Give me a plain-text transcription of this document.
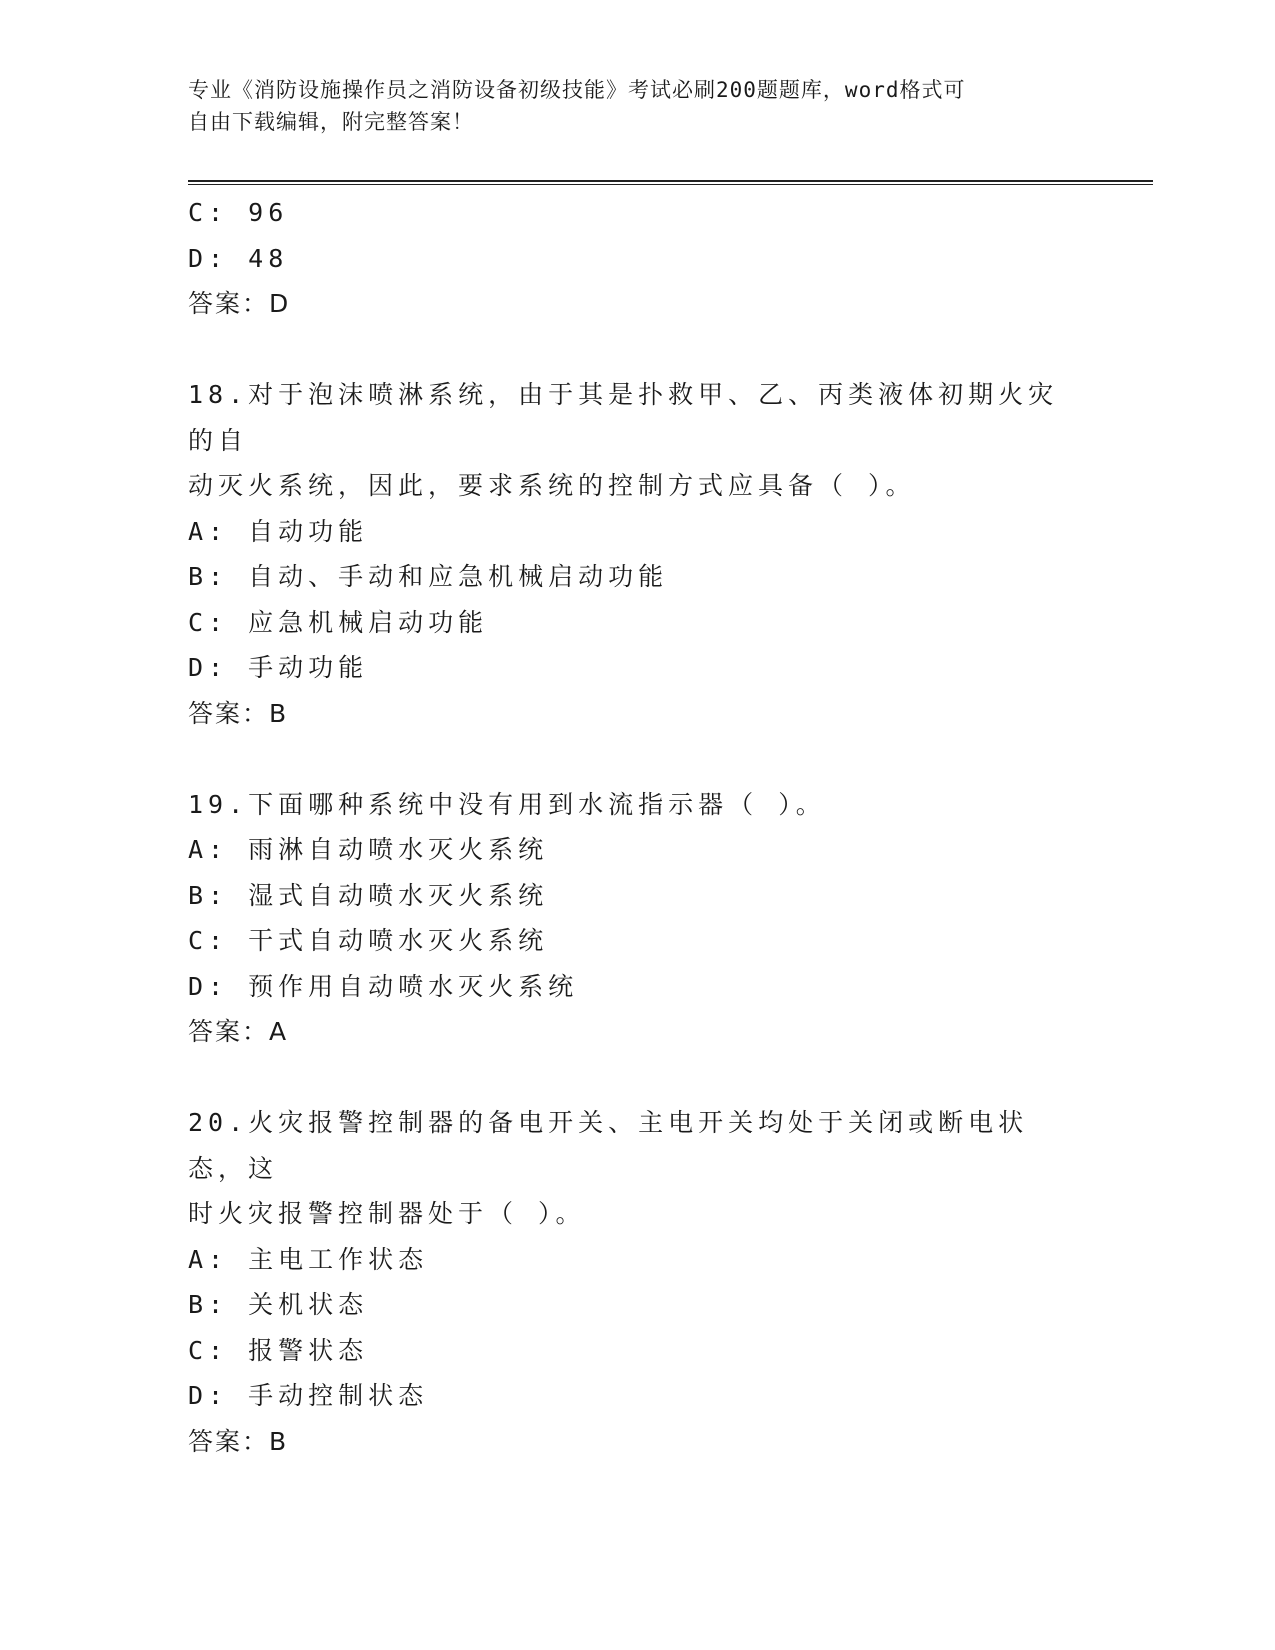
专业《消防设施操作员之消防设备初级技能》考试必刷200题题库，word格式可
自由下载编辑，附完整答案！
C: 96
D: 48
答案：D
18.对于泡沫喷淋系统，由于其是扑救甲、乙、丙类液体初期火灾的自
动灭火系统，因此，要求系统的控制方式应具备（ ）。
A: 自动功能
B: 自动、手动和应急机械启动功能
C: 应急机械启动功能
D: 手动功能
答案：B
19.下面哪种系统中没有用到水流指示器（ ）。
A: 雨淋自动喷水灭火系统
B: 湿式自动喷水灭火系统
C: 干式自动喷水灭火系统
D: 预作用自动喷水灭火系统
答案：A
20.火灾报警控制器的备电开关、主电开关均处于关闭或断电状态，这
时火灾报警控制器处于（ ）。
A: 主电工作状态
B: 关机状态
C: 报警状态
D: 手动控制状态
答案：B
